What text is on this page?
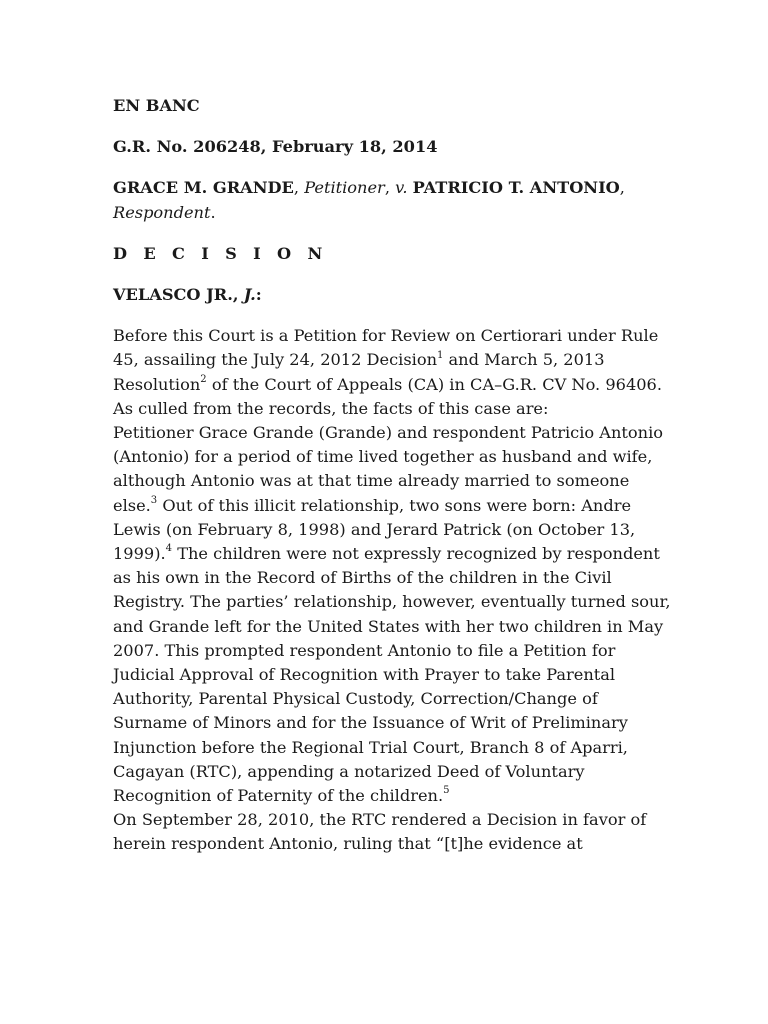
EN BANC

G.R. No. 206248, February 18, 2014

GRACE M. GRANDE, Petitioner, v. PATRICIO T. ANTONIO,
Respondent.

D E C I S I O N

VELASCO JR., J.:

Before this Court is a Petition for Review on Certiorari under Rule 45, assailing the July 24, 2012 Decision$^1$ and March 5, 2013 Resolution$^2$ of the Court of Appeals (CA) in CA–G.R. CV No. 96406.

As culled from the records, the facts of this case are:

Petitioner Grace Grande (Grande) and respondent Patricio Antonio (Antonio) for a period of time lived together as husband and wife, although Antonio was at that time already married to someone else.$^3$ Out of this illicit relationship, two sons were born: Andre Lewis (on February 8, 1998) and Jerard Patrick (on October 13, 1999).$^4$ The children were not expressly recognized by respondent as his own in the Record of Births of the children in the Civil Registry. The parties’ relationship, however, eventually turned sour, and Grande left for the United States with her two children in May 2007. This prompted respondent Antonio to file a Petition for Judicial Approval of Recognition with Prayer to take Parental Authority, Parental Physical Custody, Correction/Change of Surname of Minors and for the Issuance of Writ of Preliminary Injunction before the Regional Trial Court, Branch 8 of Aparri, Cagayan (RTC), appending a notarized Deed of Voluntary Recognition of Paternity of the children.$^5$

On September 28, 2010, the RTC rendered a Decision in favor of herein respondent Antonio, ruling that “[t]he evidence at
